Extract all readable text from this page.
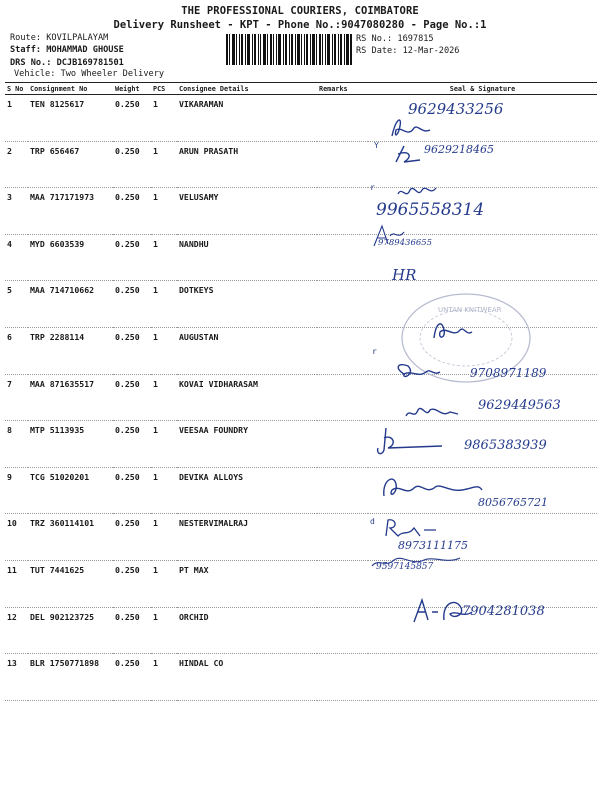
THE PROFESSIONAL COURIERS, COIMBATORE
Delivery Runsheet - KPT - Phone No.:9047080280 - Page No.:1
Route: KOVILPALAYAM
Staff: MOHAMMAD GHOUSE
DRS No.: DCJB169781501
Vehicle: Two Wheeler Delivery
RS No.: 1697815
RS Date: 12-Mar-2026
S No	Consignment No	Weight	PCS	Consignee Details	Remarks	Seal & Signature
1	TEN 8125617	0.250	1	VIKARAMAN		
2	TRP 656467	0.250	1	ARUN PRASATH		
3	MAA 717171973	0.250	1	VELUSAMY		
4	MYD 6603539	0.250	1	NANDHU		
5	MAA 714710662	0.250	1	DOTKEYS		
6	TRP 2288114	0.250	1	AUGUSTAN		
7	MAA 871635517	0.250	1	KOVAI VIDHARASAM		
8	MTP 5113935	0.250	1	VEESAA FOUNDRY		
9	TCG 51020201	0.250	1	DEVIKA ALLOYS		
10	TRZ 360114101	0.250	1	NESTERVIMALRAJ		
11	TUT 7441625	0.250	1	PT MAX		
12	DEL 902123725	0.250	1	ORCHID		
13	BLR 1750771898	0.250	1	HINDAL CO		
UNTAN KNITWEAR
9629433256
Y	9629218465
r
9965558314
9789436655
HR
r
9708971189
9629449563
9865383939
8056765721
d
8973111175
9597145857
7904281038
